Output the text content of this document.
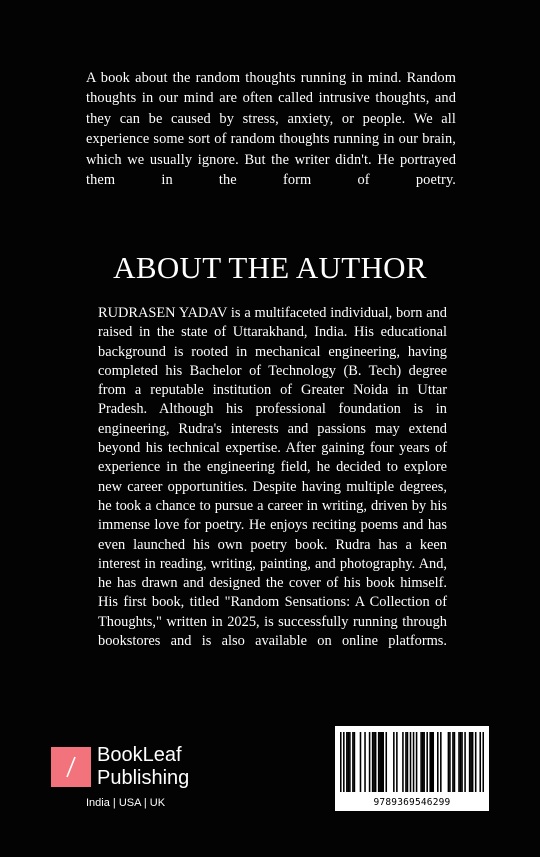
A book about the random thoughts running in mind. Random thoughts in our mind are often called intrusive thoughts, and they can be caused by stress, anxiety, or people. We all experience some sort of random thoughts running in our brain, which we usually ignore. But the writer didn't. He portrayed them in the form of poetry.

ABOUT THE AUTHOR

RUDRASEN YADAV is a multifaceted individual, born and raised in the state of Uttarakhand, India. His educational background is rooted in mechanical engineering, having completed his Bachelor of Technology (B. Tech) degree from a reputable institution of Greater Noida in Uttar Pradesh. Although his professional foundation is in engineering, Rudra's interests and passions may extend beyond his technical expertise. After gaining four years of experience in the engineering field, he decided to explore new career opportunities. Despite having multiple degrees, he took a chance to pursue a career in writing, driven by his immense love for poetry. He enjoys reciting poems and has even launched his own poetry book. Rudra has a keen interest in reading, writing, painting, and photography. And, he has drawn and designed the cover of his book himself. His first book, titled "Random Sensations: A Collection of Thoughts," written in 2025, is successfully running through bookstores and is also available on online platforms.

BookLeaf
Publishing
India | USA | UK	9789369546299
